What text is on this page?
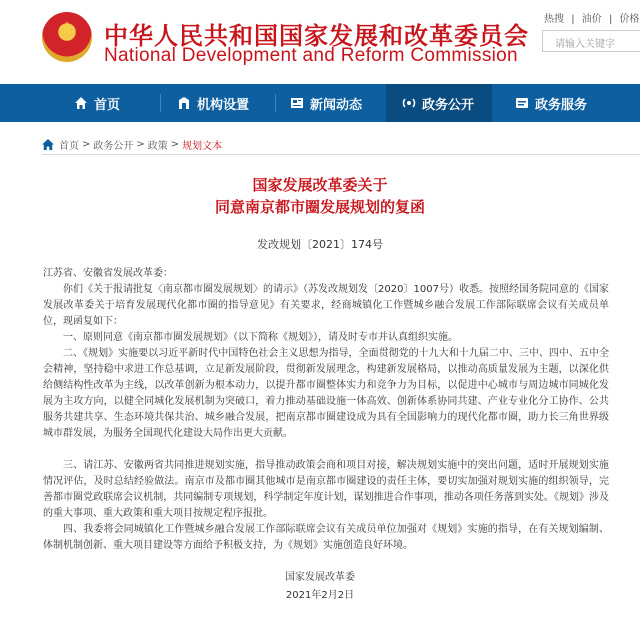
★	中华人民共和国国家发展和改革委员会
National Development and Reform Commission
热搜 | 油价 | 价格
请输入关键字
首页	机构设置	新闻动态	政务公开	政务服务
首页 > 政务公开 > 政策 > 规划文本
国家发展改革委关于
同意南京都市圈发展规划的复函
发改规划〔2021〕174号
江苏省、安徽省发展改革委：
你们《关于报请批复〈南京都市圈发展规划〉的请示》（苏发改规划发〔2020〕1007号）收悉。按照经国务院同意的《国家发展改革委关于培育发展现代化都市圈的指导意见》有关要求，经商城镇化工作暨城乡融合发展工作部际联席会议有关成员单位，现函复如下：
一、原则同意《南京都市圈发展规划》（以下简称《规划》），请及时专市并认真组织实施。
二、《规划》实施要以习近平新时代中国特色社会主义思想为指导，全面贯彻党的十九大和十九届二中、三中、四中、五中全会精神，坚持稳中求进工作总基调，立足新发展阶段，贯彻新发展理念，构建新发展格局，以推动高质量发展为主题，以深化供给侧结构性改革为主线，以改革创新为根本动力，以提升都市圈整体实力和竞争力为目标，以促进中心城市与周边城市同城化发展为主攻方向，以健全同城化发展机制为突破口，着力推动基础设施一体高效、创新体系协同共建、产业专业化分工协作、公共服务共建共享、生态环境共保共治、城乡融合发展，把南京都市圈建设成为具有全国影响力的现代化都市圈，助力长三角世界级城市群发展，为服务全国现代化建设大局作出更大贡献。
三、请江苏、安徽两省共同推进规划实施，指导推动政策会商和项目对接，解决规划实施中的突出问题，适时开展规划实施情况评估，及时总结经验做法。南京市及都市圈其他城市是南京都市圈建设的责任主体，要切实加强对规划实施的组织领导，完善都市圈党政联席会议机制，共同编制专项规划，科学制定年度计划，谋划推进合作事项，推动各项任务落到实处。《规划》涉及的重大事项、重大政策和重大项目按规定程序报批。
四、我委将会同城镇化工作暨城乡融合发展工作部际联席会议有关成员单位加强对《规划》实施的指导，在有关规划编制、体制机制创新、重大项目建设等方面给予积极支持，为《规划》实施创造良好环境。
国家发展改革委
2021年2月2日
